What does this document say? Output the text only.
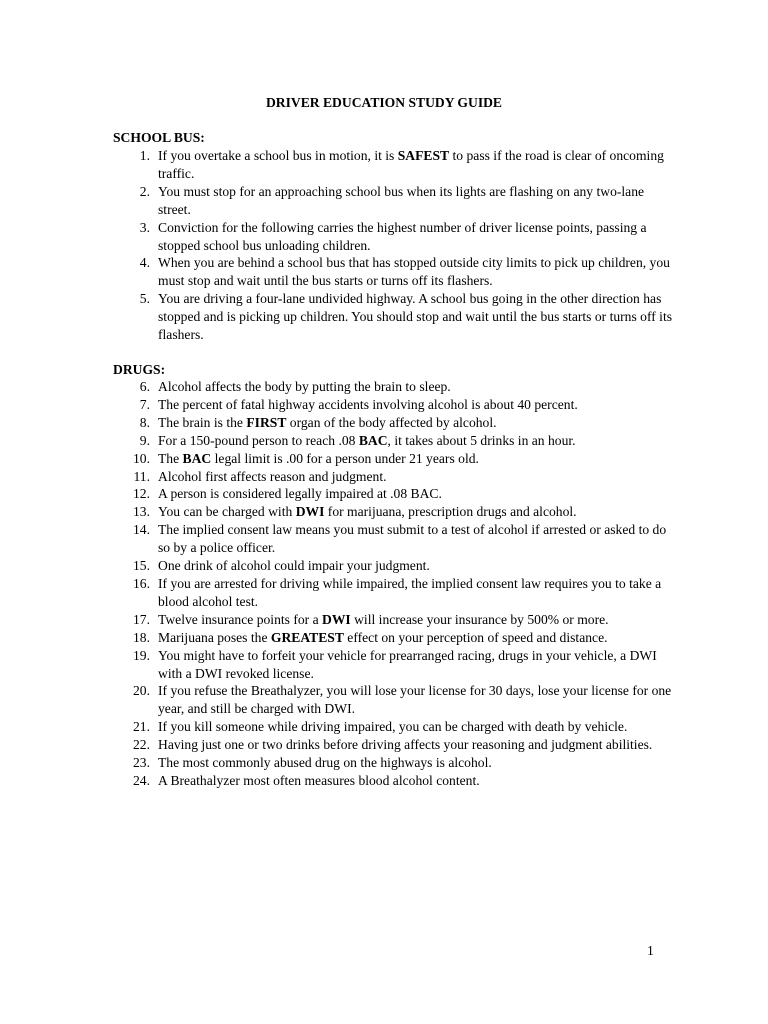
DRIVER EDUCATION STUDY GUIDE
SCHOOL BUS:
1. If you overtake a school bus in motion, it is SAFEST to pass if the road is clear of oncoming traffic.
2. You must stop for an approaching school bus when its lights are flashing on any two-lane street.
3. Conviction for the following carries the highest number of driver license points, passing a stopped school bus unloading children.
4. When you are behind a school bus that has stopped outside city limits to pick up children, you must stop and wait until the bus starts or turns off its flashers.
5. You are driving a four-lane undivided highway. A school bus going in the other direction has stopped and is picking up children. You should stop and wait until the bus starts or turns off its flashers.
DRUGS:
6. Alcohol affects the body by putting the brain to sleep.
7. The percent of fatal highway accidents involving alcohol is about 40 percent.
8. The brain is the FIRST organ of the body affected by alcohol.
9. For a 150-pound person to reach .08 BAC, it takes about 5 drinks in an hour.
10. The BAC legal limit is .00 for a person under 21 years old.
11. Alcohol first affects reason and judgment.
12. A person is considered legally impaired at .08 BAC.
13. You can be charged with DWI for marijuana, prescription drugs and alcohol.
14. The implied consent law means you must submit to a test of alcohol if arrested or asked to do so by a police officer.
15. One drink of alcohol could impair your judgment.
16. If you are arrested for driving while impaired, the implied consent law requires you to take a blood alcohol test.
17. Twelve insurance points for a DWI will increase your insurance by 500% or more.
18. Marijuana poses the GREATEST effect on your perception of speed and distance.
19. You might have to forfeit your vehicle for prearranged racing, drugs in your vehicle, a DWI with a DWI revoked license.
20. If you refuse the Breathalyzer, you will lose your license for 30 days, lose your license for one year, and still be charged with DWI.
21. If you kill someone while driving impaired, you can be charged with death by vehicle.
22. Having just one or two drinks before driving affects your reasoning and judgment abilities.
23. The most commonly abused drug on the highways is alcohol.
24. A Breathalyzer most often measures blood alcohol content.
1
